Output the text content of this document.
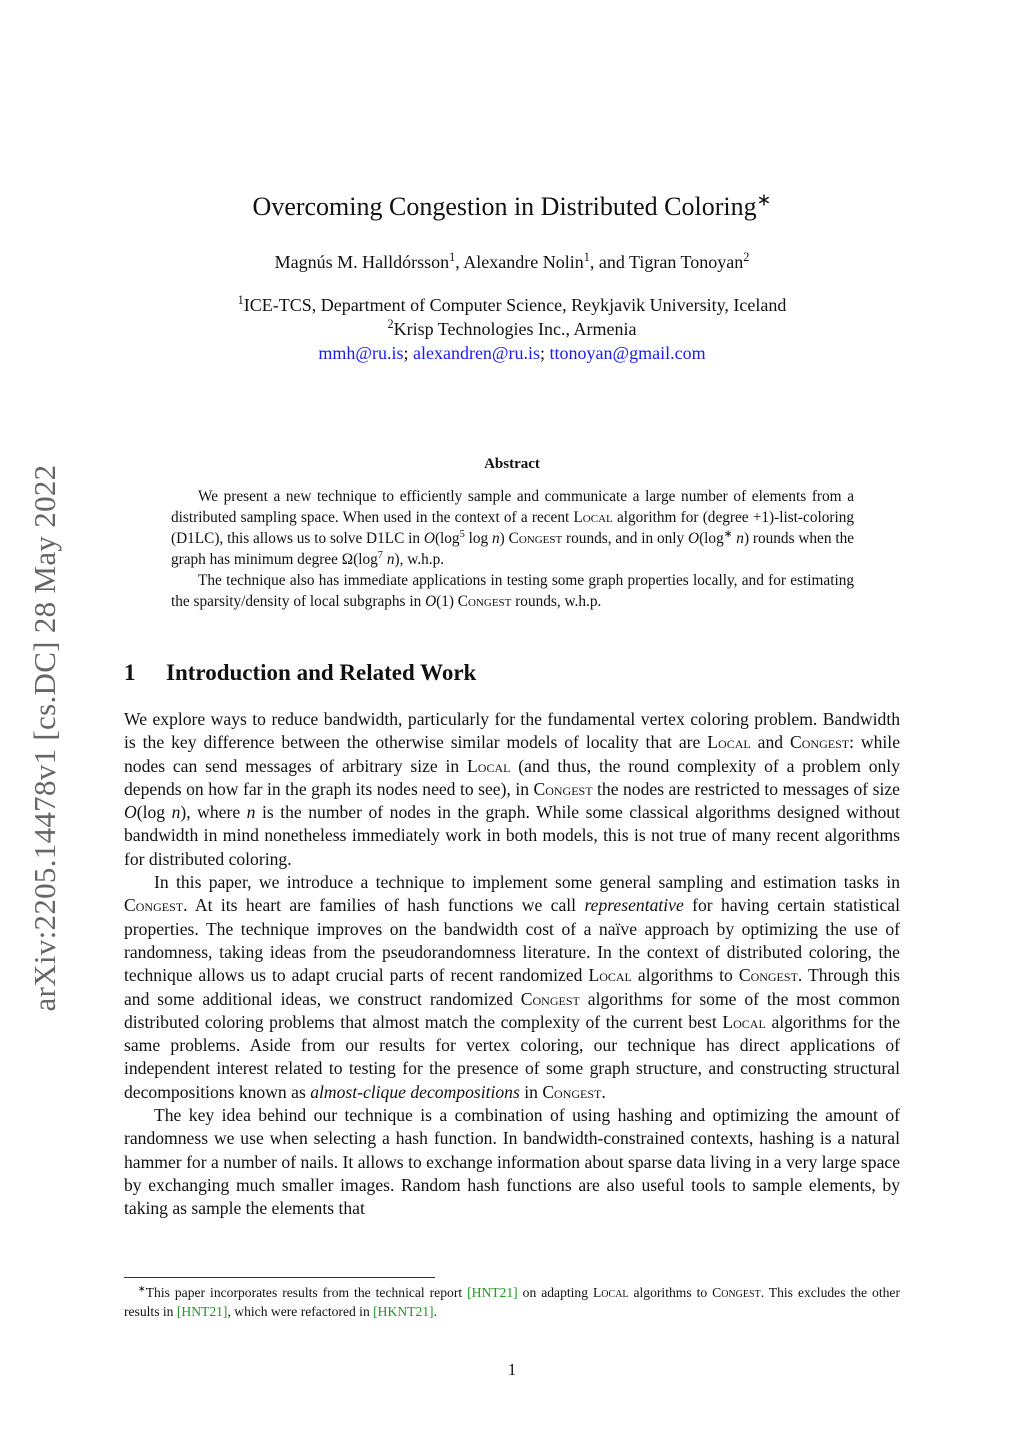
arXiv:2205.14478v1 [cs.DC] 28 May 2022
Overcoming Congestion in Distributed Coloring∗
Magnús M. Halldórsson$^1$, Alexandre Nolin$^1$, and Tigran Tonoyan$^2$
$^1$ICE-TCS, Department of Computer Science, Reykjavik University, Iceland
$^2$Krisp Technologies Inc., Armenia
mmh@ru.is; alexandren@ru.is; ttonoyan@gmail.com
Abstract

We present a new technique to efficiently sample and communicate a large number of elements from a distributed sampling space. When used in the context of a recent Local algorithm for (degree +1)-list-coloring (D1LC), this allows us to solve D1LC in $O(\log^5$ log n) Congest rounds, and in only O(log∗ n) rounds when the graph has minimum degree $\Omega(\log^7$ n), w.h.p.

The technique also has immediate applications in testing some graph properties locally, and for estimating the sparsity/density of local subgraphs in O(1) Congest rounds, w.h.p.

1 Introduction and Related Work

We explore ways to reduce bandwidth, particularly for the fundamental vertex coloring problem. Bandwidth is the key difference between the otherwise similar models of locality that are Local and Congest: while nodes can send messages of arbitrary size in Local (and thus, the round complexity of a problem only depends on how far in the graph its nodes need to see), in Congest the nodes are restricted to messages of size O(log n), where n is the number of nodes in the graph. While some classical algorithms designed without bandwidth in mind nonetheless immediately work in both models, this is not true of many recent algorithms for distributed coloring.

In this paper, we introduce a technique to implement some general sampling and estimation tasks in Congest. At its heart are families of hash functions we call representative for having certain statistical properties. The technique improves on the bandwidth cost of a naïve approach by optimizing the use of randomness, taking ideas from the pseudorandomness literature. In the context of distributed coloring, the technique allows us to adapt crucial parts of recent randomized Local algorithms to Congest. Through this and some additional ideas, we construct randomized Congest algorithms for some of the most common distributed coloring problems that almost match the complexity of the current best Local algorithms for the same problems. Aside from our results for vertex coloring, our technique has direct applications of independent interest related to testing for the presence of some graph structure, and constructing structural decompositions known as almost-clique decompositions in Congest.

The key idea behind our technique is a combination of using hashing and optimizing the amount of randomness we use when selecting a hash function. In bandwidth-constrained contexts, hashing is a natural hammer for a number of nails. It allows to exchange information about sparse data living in a very large space by exchanging much smaller images. Random hash functions are also useful tools to sample elements, by taking as sample the elements that

∗This paper incorporates results from the technical report [HNT21] on adapting Local algorithms to Congest. This excludes the other results in [HNT21], which were refactored in [HKNT21].
1
